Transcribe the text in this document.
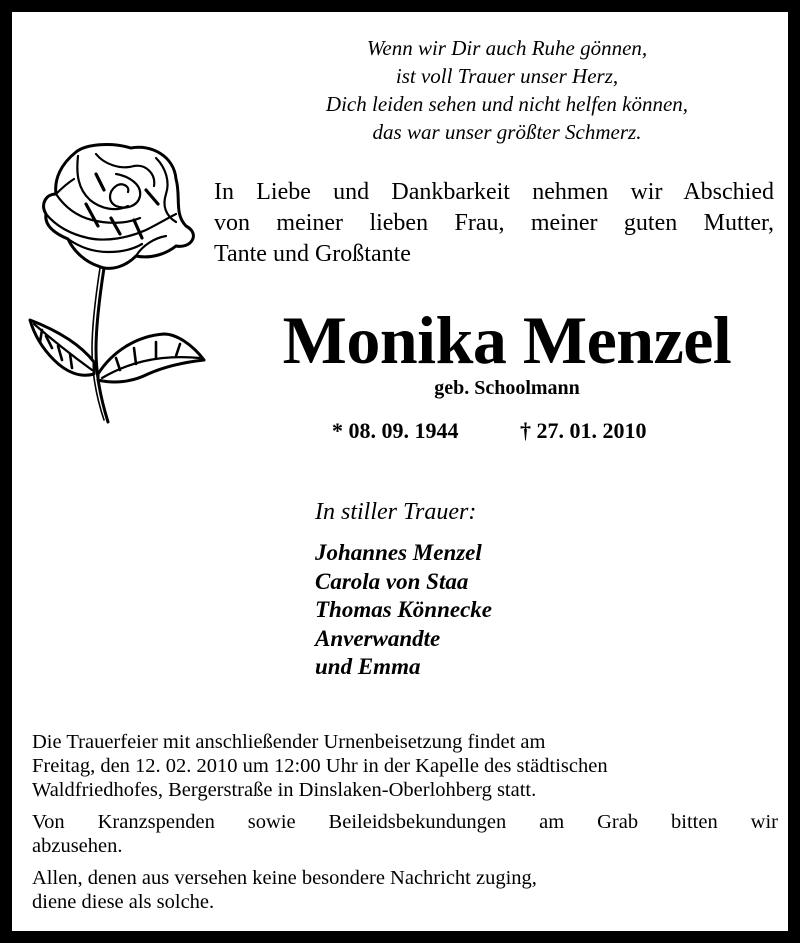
Wenn wir Dir auch Ruhe gönnen,
ist voll Trauer unser Herz,
Dich leiden sehen und nicht helfen können,
das war unser größter Schmerz.
In Liebe und Dankbarkeit nehmen wir Abschied
von meiner lieben Frau, meiner guten Mutter,
Tante und Großtante
Monika Menzel
geb. Schoolmann
* 08. 09. 1944	† 27. 01. 2010
In stiller Trauer:
Johannes Menzel
Carola von Staa
Thomas Könnecke
Anverwandte
und Emma
Die Trauerfeier mit anschließender Urnenbeisetzung findet am
Freitag, den 12. 02. 2010 um 12:00 Uhr in der Kapelle des städtischen
Waldfriedhofes, Bergerstraße in Dinslaken-Oberlohberg statt.
Von Kranzspenden sowie Beileidsbekundungen am Grab bitten wir
abzusehen.
Allen, denen aus versehen keine besondere Nachricht zuging,
diene diese als solche.
